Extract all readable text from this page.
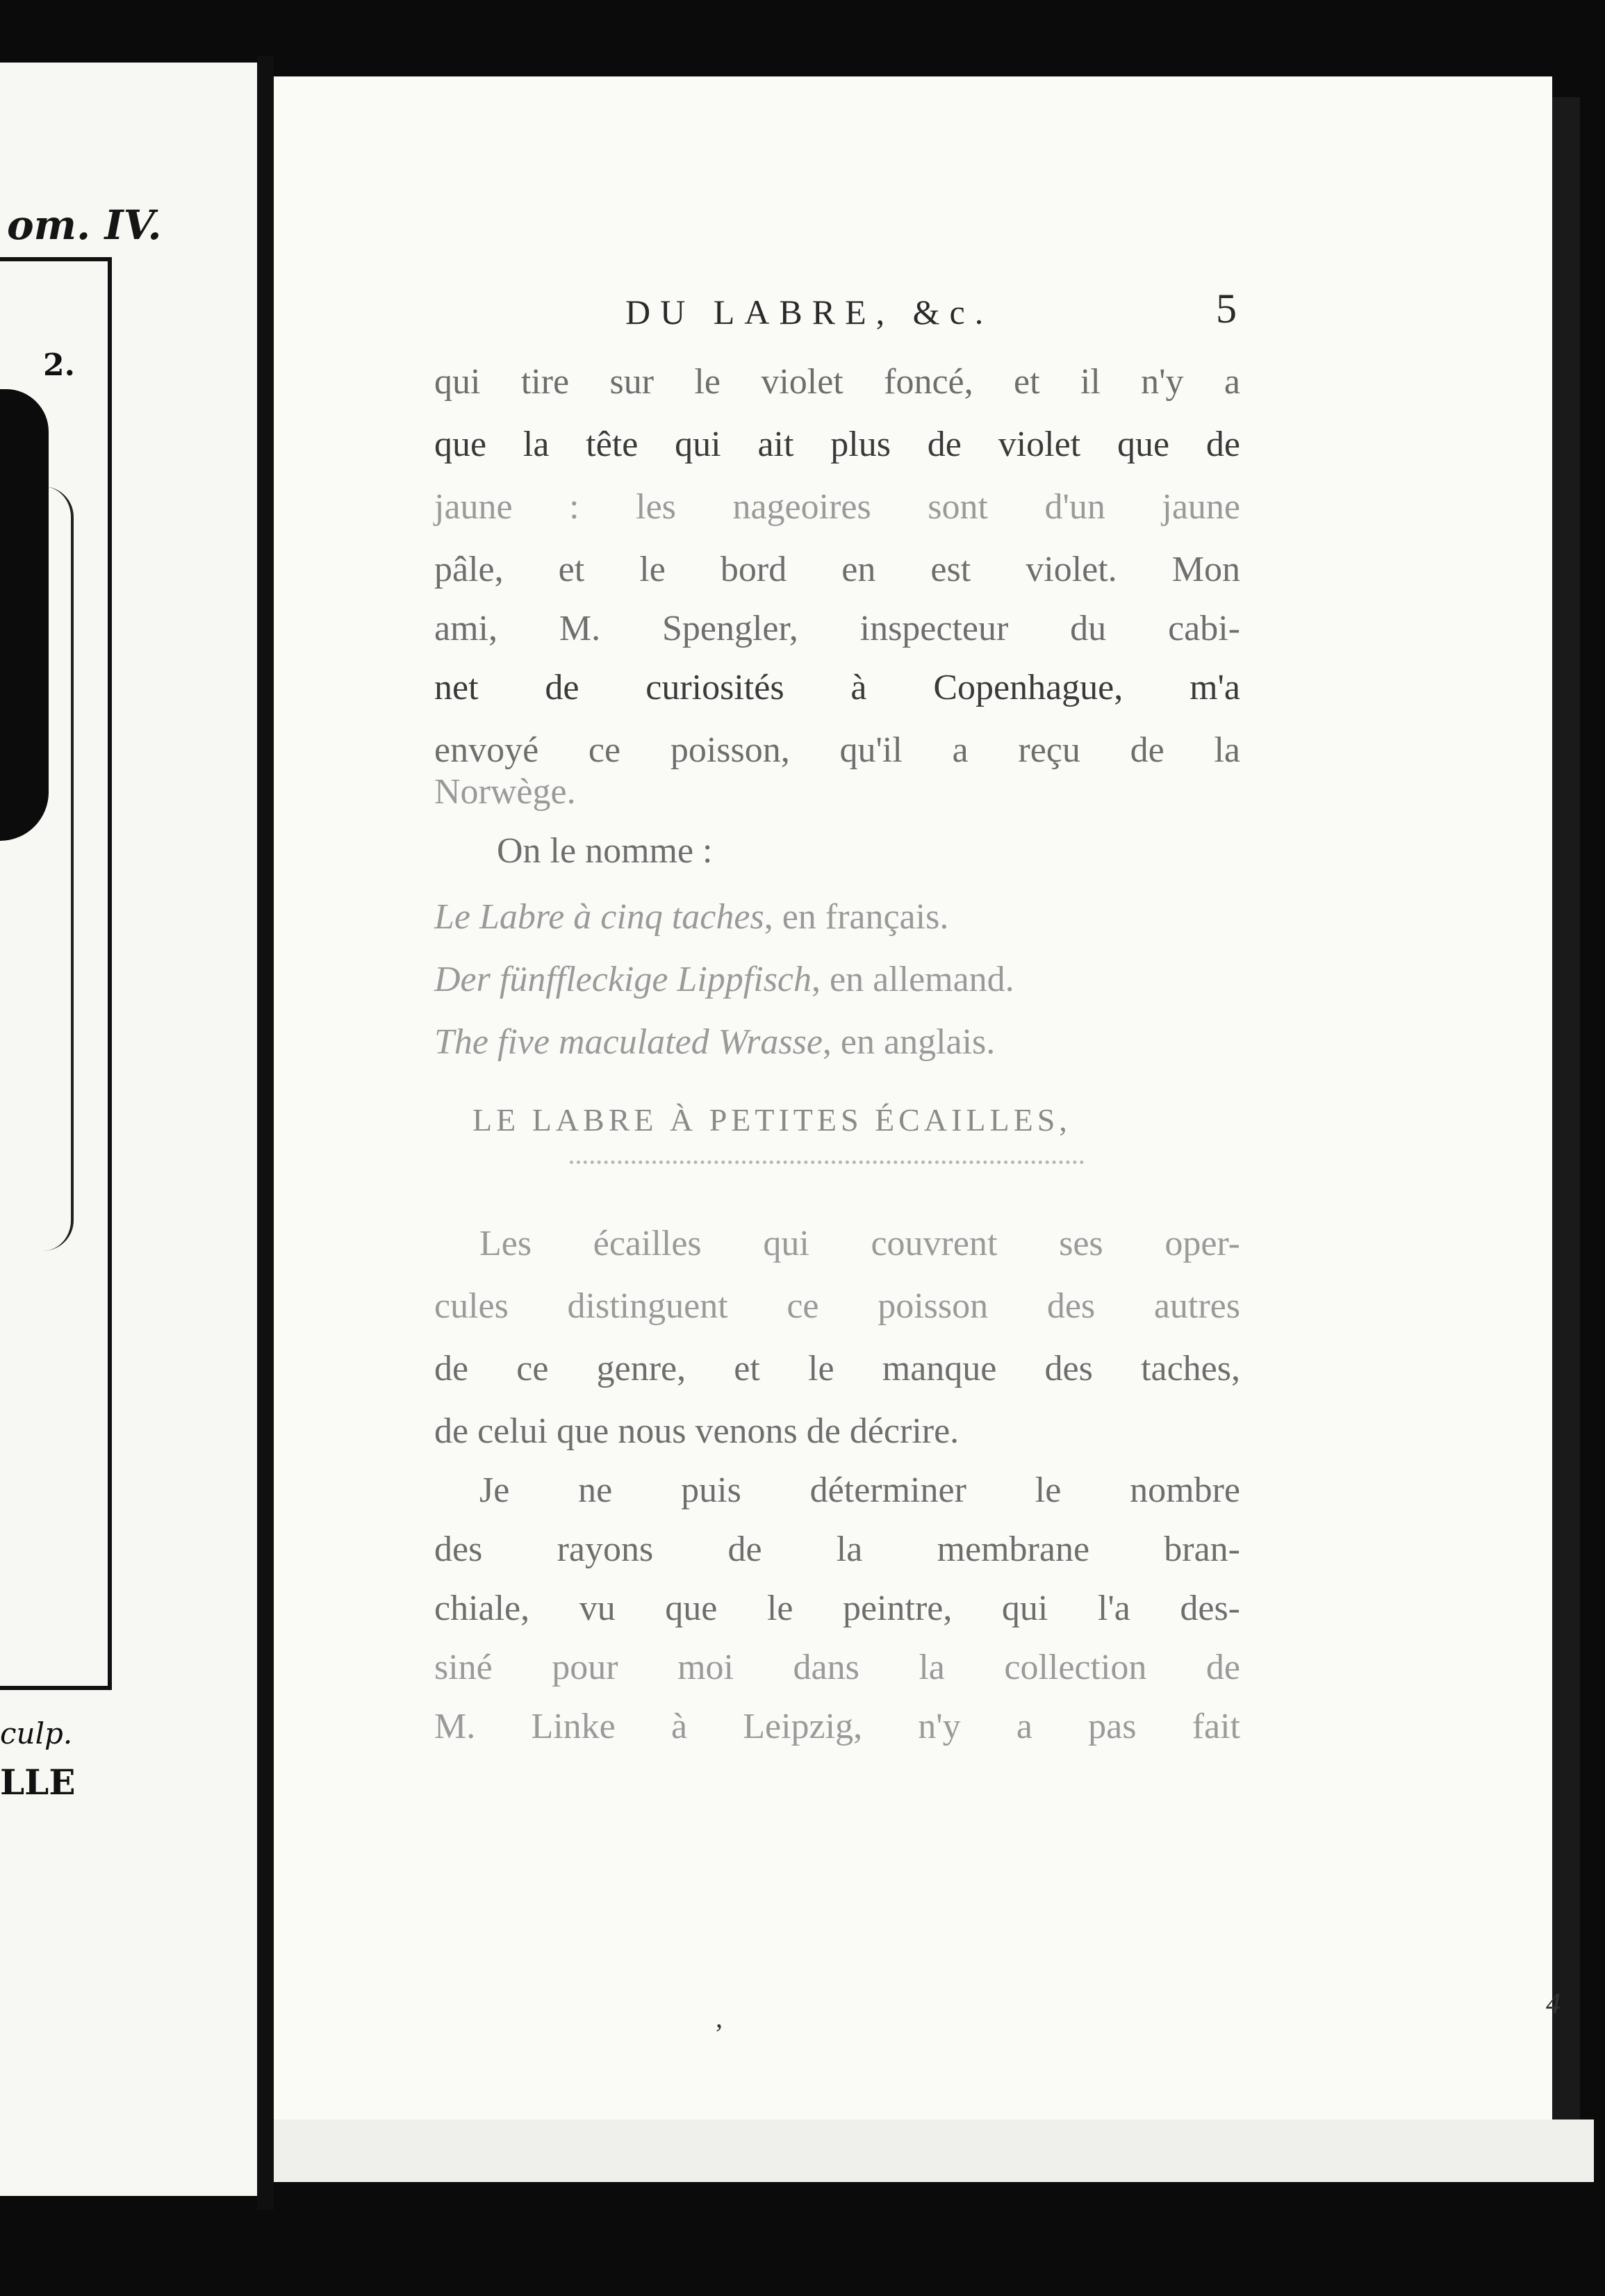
om. IV.
2.
culp.
LLE
DU LABRE, &c.	5
qui tire sur le violet foncé, et il n'y a
que la tête qui ait plus de violet que de
jaune : les nageoires sont d'un jaune
pâle, et le bord en est violet. Mon
ami, M. Spengler, inspecteur du cabi-
net de curiosités à Copenhague, m'a
envoyé ce poisson, qu'il a reçu de la
Norwège.
On le nomme :
Le Labre à cinq taches, en français.
Der fünffleckige Lippfisch, en allemand.
The five maculated Wrasse, en anglais.
LE LABRE À PETITES ÉCAILLES,
Les écailles qui couvrent ses oper-
cules distinguent ce poisson des autres
de ce genre, et le manque des taches,
de celui que nous venons de décrire.
Je ne puis déterminer le nombre
des rayons de la membrane bran-
chiale, vu que le peintre, qui l'a des-
siné pour moi dans la collection de
M. Linke à Leipzig, n'y a pas fait
4
,
